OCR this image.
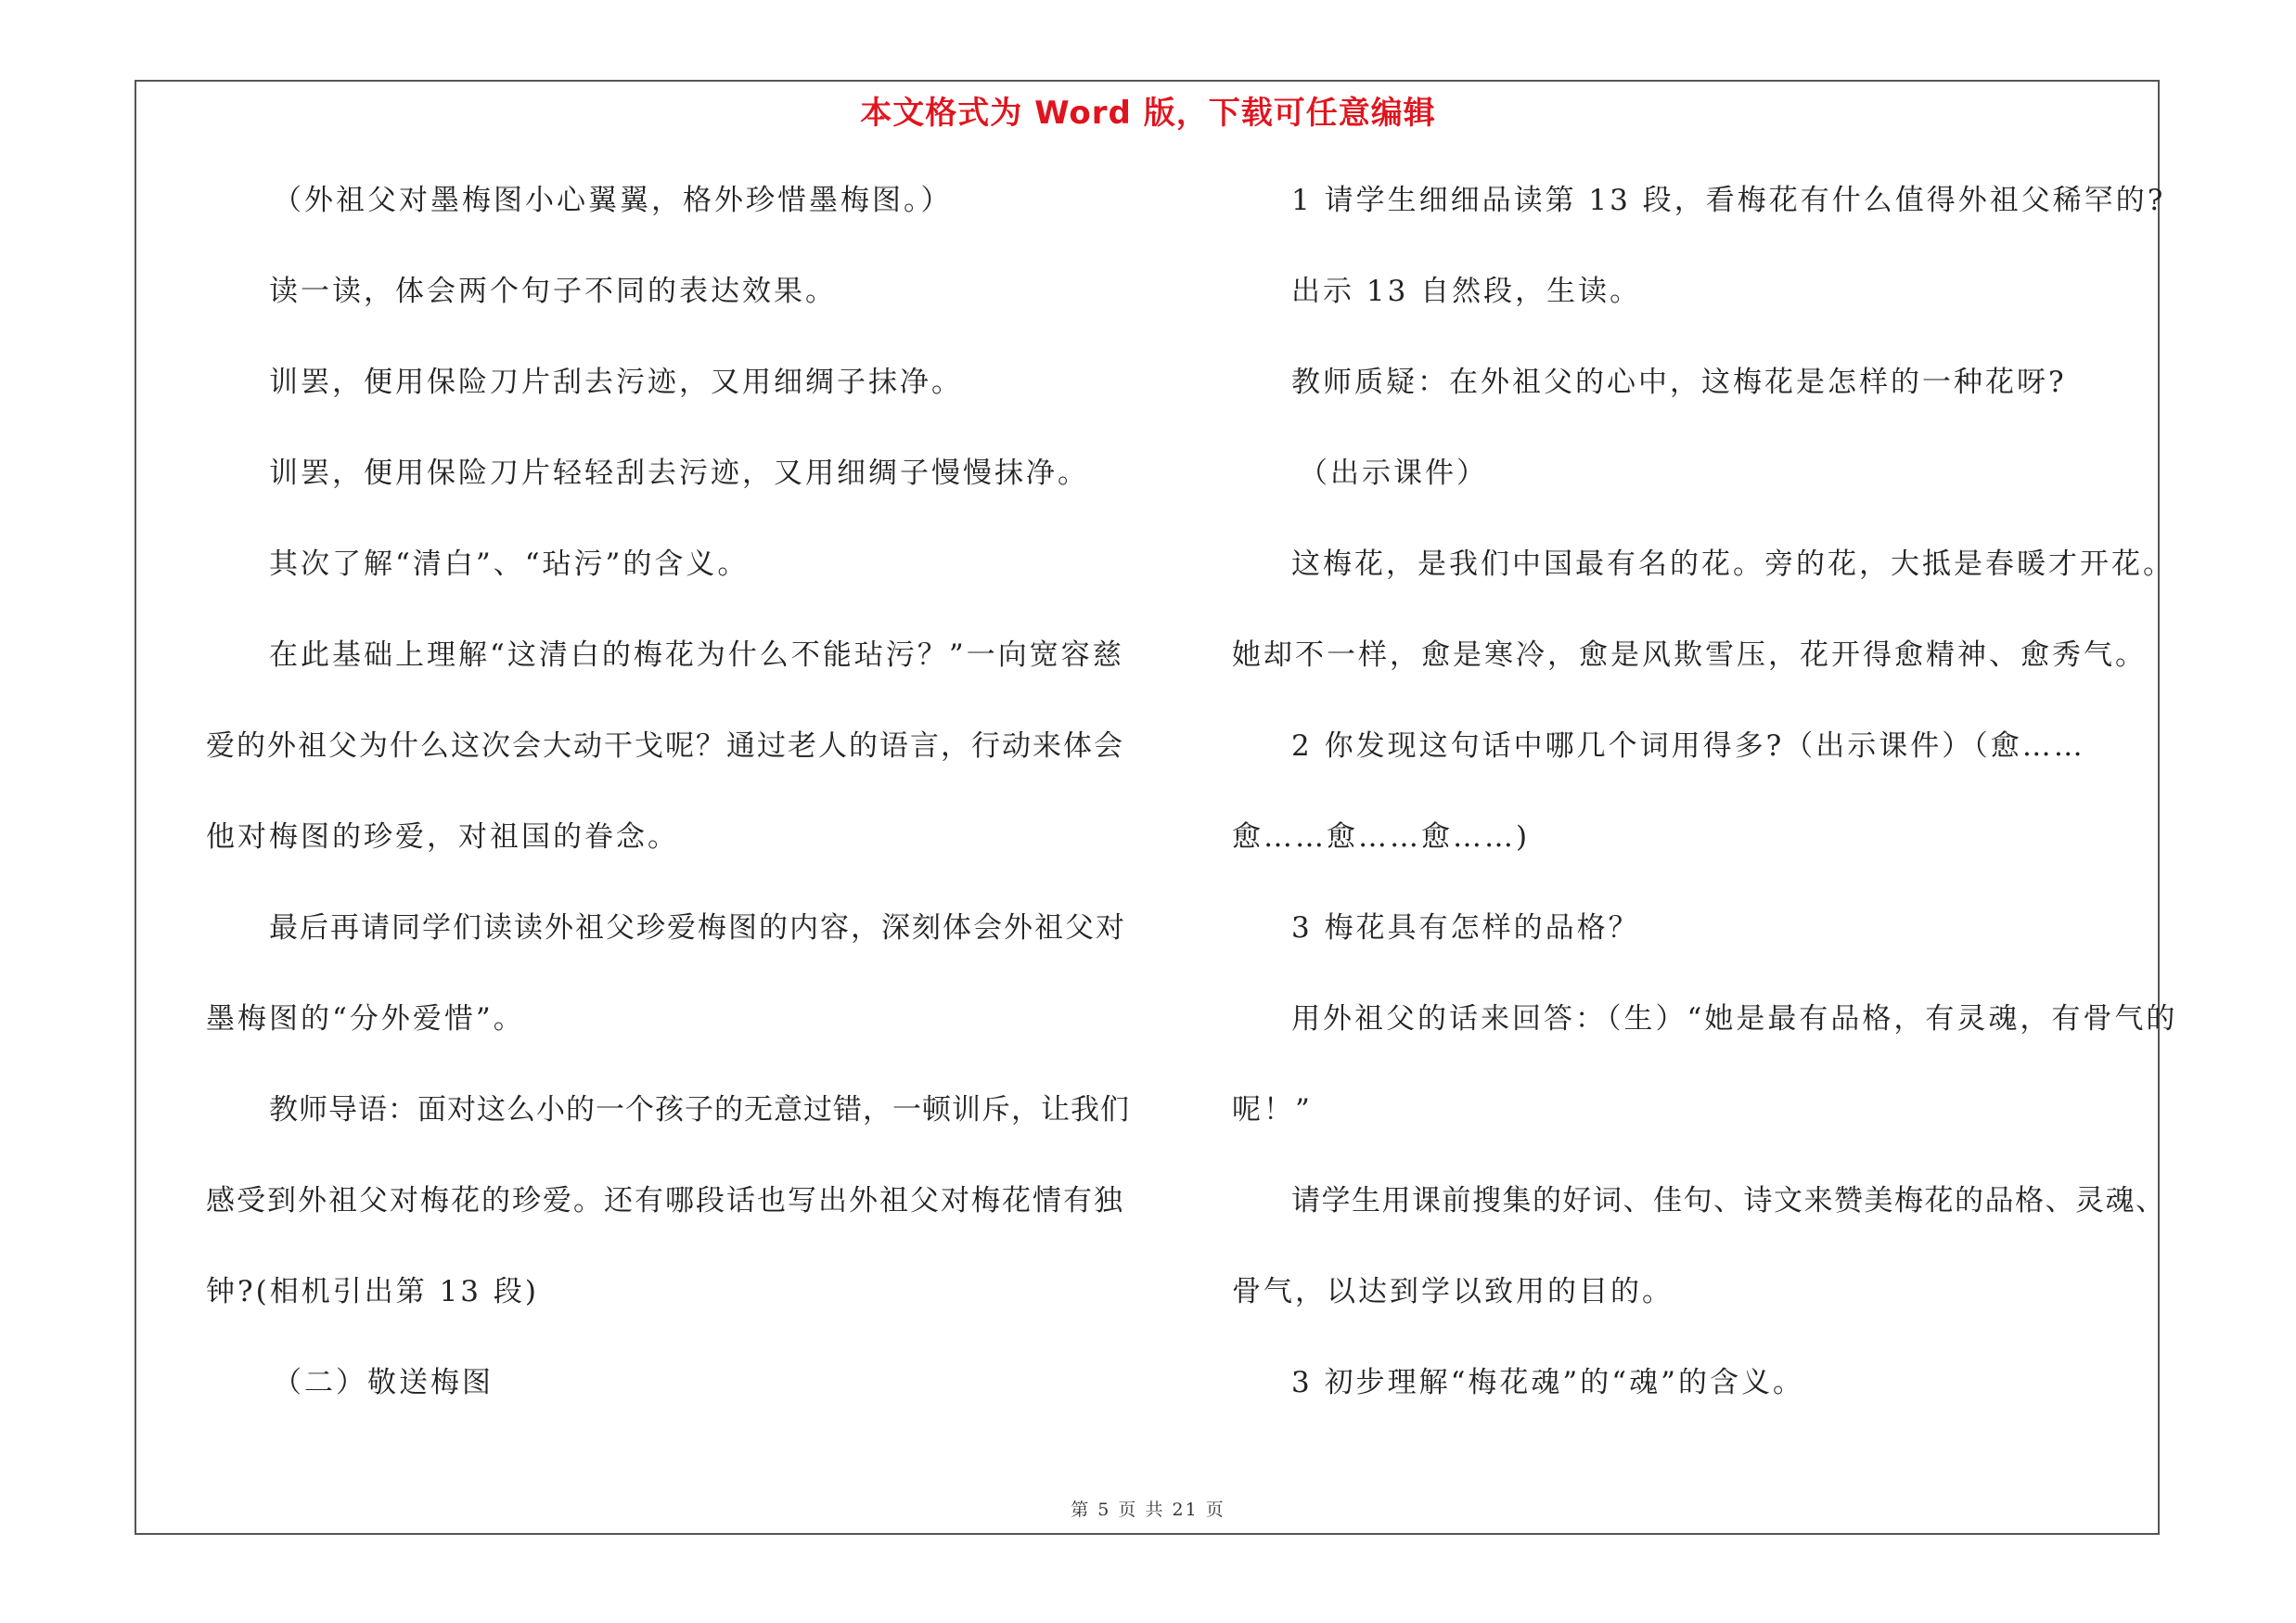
本文格式为 Word 版，下载可任意编辑
（外祖父对墨梅图小心翼翼，格外珍惜墨梅图。）
读一读，体会两个句子不同的表达效果。
训罢，便用保险刀片刮去污迹，又用细绸子抹净。
训罢，便用保险刀片轻轻刮去污迹，又用细绸子慢慢抹净。
其次了解“清白”、“玷污”的含义。
在此基础上理解“这清白的梅花为什么不能玷污？”一向宽容慈
爱的外祖父为什么这次会大动干戈呢？通过老人的语言，行动来体会
他对梅图的珍爱，对祖国的眷念。
最后再请同学们读读外祖父珍爱梅图的内容，深刻体会外祖父对
墨梅图的“分外爱惜”。
教师导语：面对这么小的一个孩子的无意过错，一顿训斥，让我们
感受到外祖父对梅花的珍爱。还有哪段话也写出外祖父对梅花情有独
钟?(相机引出第 13 段)
（二）敬送梅图
1 请学生细细品读第 13 段，看梅花有什么值得外祖父稀罕的?
出示 13 自然段，生读。
教师质疑：在外祖父的心中，这梅花是怎样的一种花呀?
（出示课件）
这梅花，是我们中国最有名的花。旁的花，大抵是春暖才开花。
她却不一样，愈是寒冷，愈是风欺雪压，花开得愈精神、愈秀气。
2 你发现这句话中哪几个词用得多?（出示课件）（愈……
愈……愈……愈……)
3 梅花具有怎样的品格？
用外祖父的话来回答：（生）“她是最有品格，有灵魂，有骨气的
呢！”
请学生用课前搜集的好词、佳句、诗文来赞美梅花的品格、灵魂、
骨气，以达到学以致用的目的。
3 初步理解“梅花魂”的“魂”的含义。
第 5 页 共 21 页
